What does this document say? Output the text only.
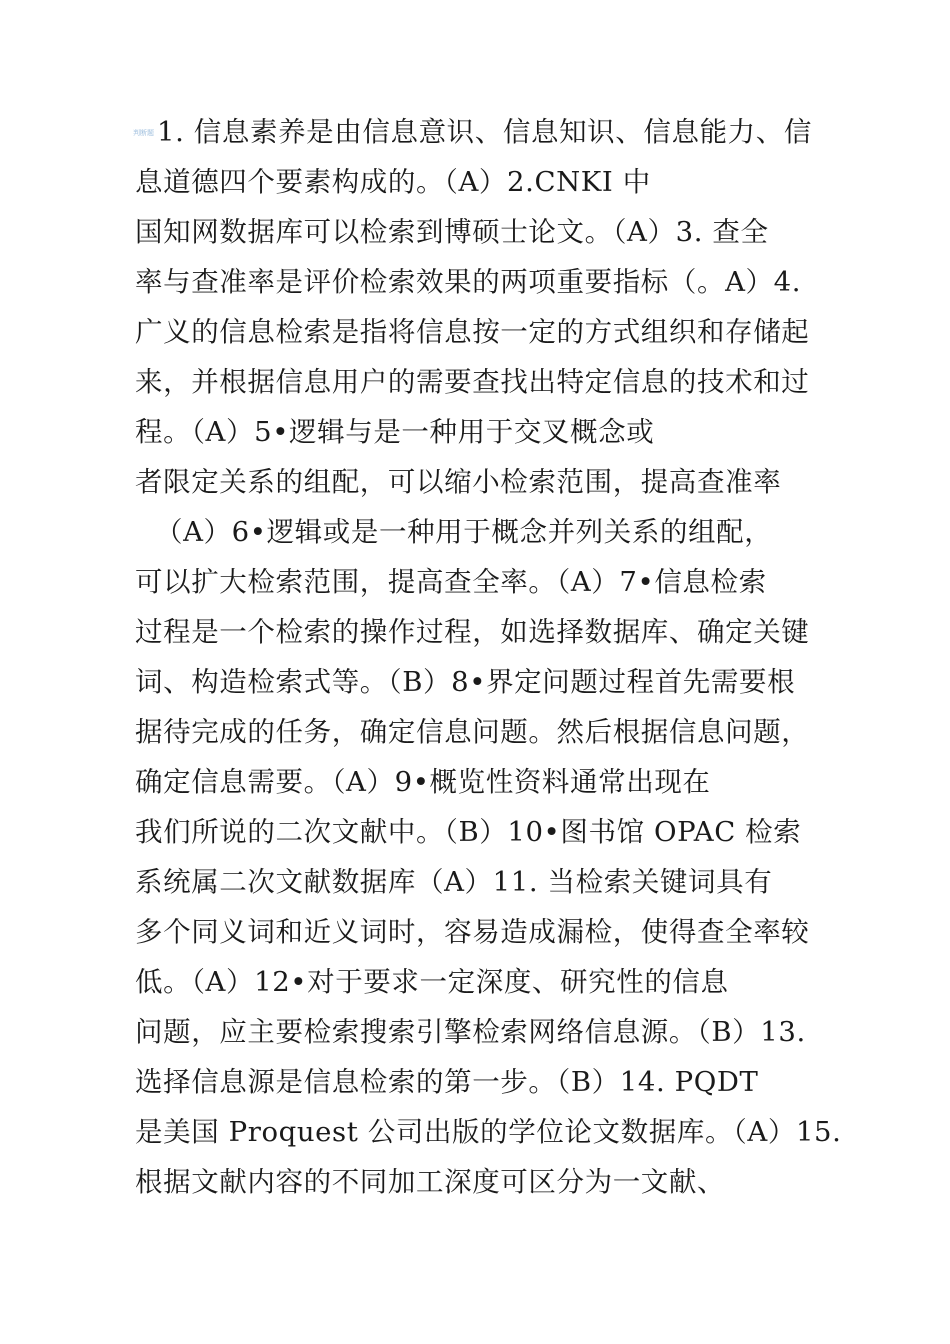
判断题 1. 信息素养是由信息意识、信息知识、信息能力、信
息道德四个要素构成的。（A）2.CNKI 中
国知网数据库可以检索到博硕士论文。（A）3. 查全
率与查准率是评价检索效果的两项重要指标（。A）4.
广义的信息检索是指将信息按一定的方式组织和存储起
来，并根据信息用户的需要查找出特定信息的技术和过
程。（A）5•逻辑与是一种用于交叉概念或
者限定关系的组配，可以缩小检索范围，提高查准率
（A）6•逻辑或是一种用于概念并列关系的组配，
可以扩大检索范围，提高查全率。（A）7•信息检索
过程是一个检索的操作过程，如选择数据库、确定关键
词、构造检索式等。（B）8•界定问题过程首先需要根
据待完成的任务，确定信息问题。然后根据信息问题，
确定信息需要。（A）9•概览性资料通常出现在
我们所说的二次文献中。（B）10•图书馆 OPAC 检索
系统属二次文献数据库（A）11. 当检索关键词具有
多个同义词和近义词时，容易造成漏检，使得查全率较
低。（A）12•对于要求一定深度、研究性的信息
问题，应主要检索搜索引擎检索网络信息源。（B）13.
选择信息源是信息检索的第一步。（B）14. PQDT
是美国 Proquest 公司出版的学位论文数据库。（A）15.
根据文献内容的不同加工深度可区分为一文献、
